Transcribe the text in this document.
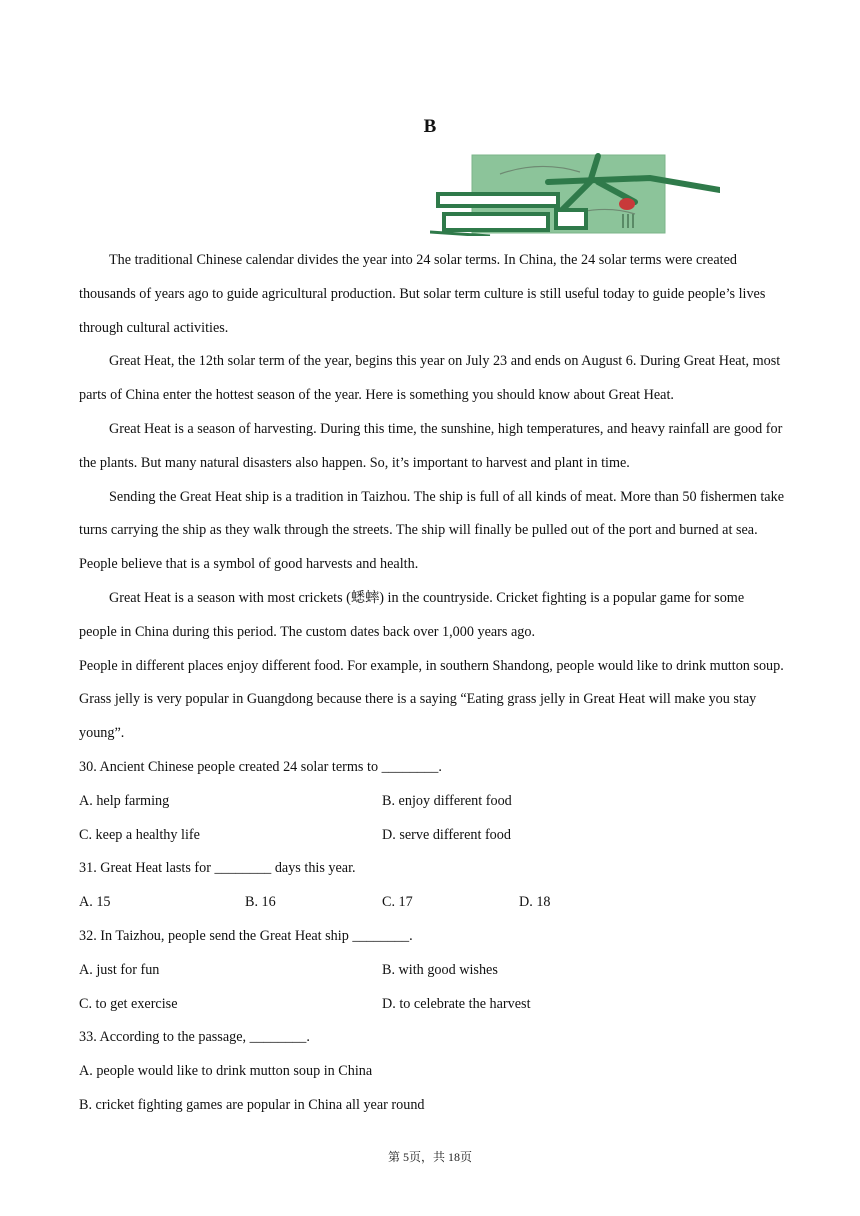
B

The traditional Chinese calendar divides the year into 24 solar terms. In China, the 24 solar terms were created thousands of years ago to guide agricultural production. But solar term culture is still useful today to guide people’s lives through cultural activities.

Great Heat, the 12th solar term of the year, begins this year on July 23 and ends on August 6. During Great Heat, most parts of China enter the hottest season of the year. Here is something you should know about Great Heat.

Great Heat is a season of harvesting. During this time, the sunshine, high temperatures, and heavy rainfall are good for the plants. But many natural disasters also happen. So, it’s important to harvest and plant in time.

Sending the Great Heat ship is a tradition in Taizhou. The ship is full of all kinds of meat. More than 50 fishermen take turns carrying the ship as they walk through the streets. The ship will finally be pulled out of the port and burned at sea. People believe that is a symbol of good harvests and health.

Great Heat is a season with most crickets (蟋蟀) in the countryside. Cricket fighting is a popular game for some people in China during this period. The custom dates back over 1,000 years ago.

People in different places enjoy different food. For example, in southern Shandong, people would like to drink mutton soup. Grass jelly is very popular in Guangdong because there is a saying “Eating grass jelly in Great Heat will make you stay young”.

30. Ancient Chinese people created 24 solar terms to ________.

A. help farming	B. enjoy different food
C. keep a healthy life	D. serve different food

31. Great Heat lasts for ________ days this year.

A. 15	B. 16	C. 17	D. 18

32. In Taizhou, people send the Great Heat ship ________.

A. just for fun	B. with good wishes
C. to get exercise	D. to celebrate the harvest

33. According to the passage, ________.

A. people would like to drink mutton soup in China

B. cricket fighting games are popular in China all year round

第 5页，共 18页
